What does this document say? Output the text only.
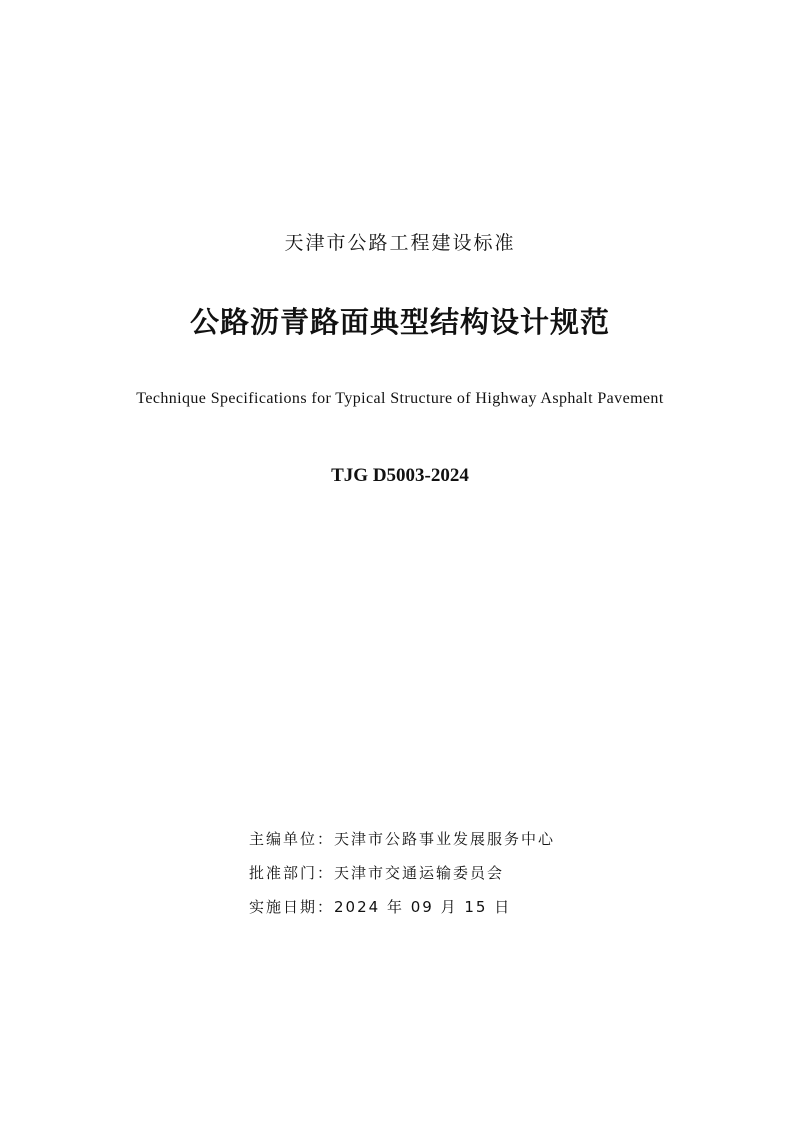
天津市公路工程建设标准
公路沥青路面典型结构设计规范
Technique Specifications for Typical Structure of Highway Asphalt Pavement
TJG D5003-2024
主编单位：天津市公路事业发展服务中心
批准部门：天津市交通运输委员会
实施日期：2024 年 09 月 15 日
